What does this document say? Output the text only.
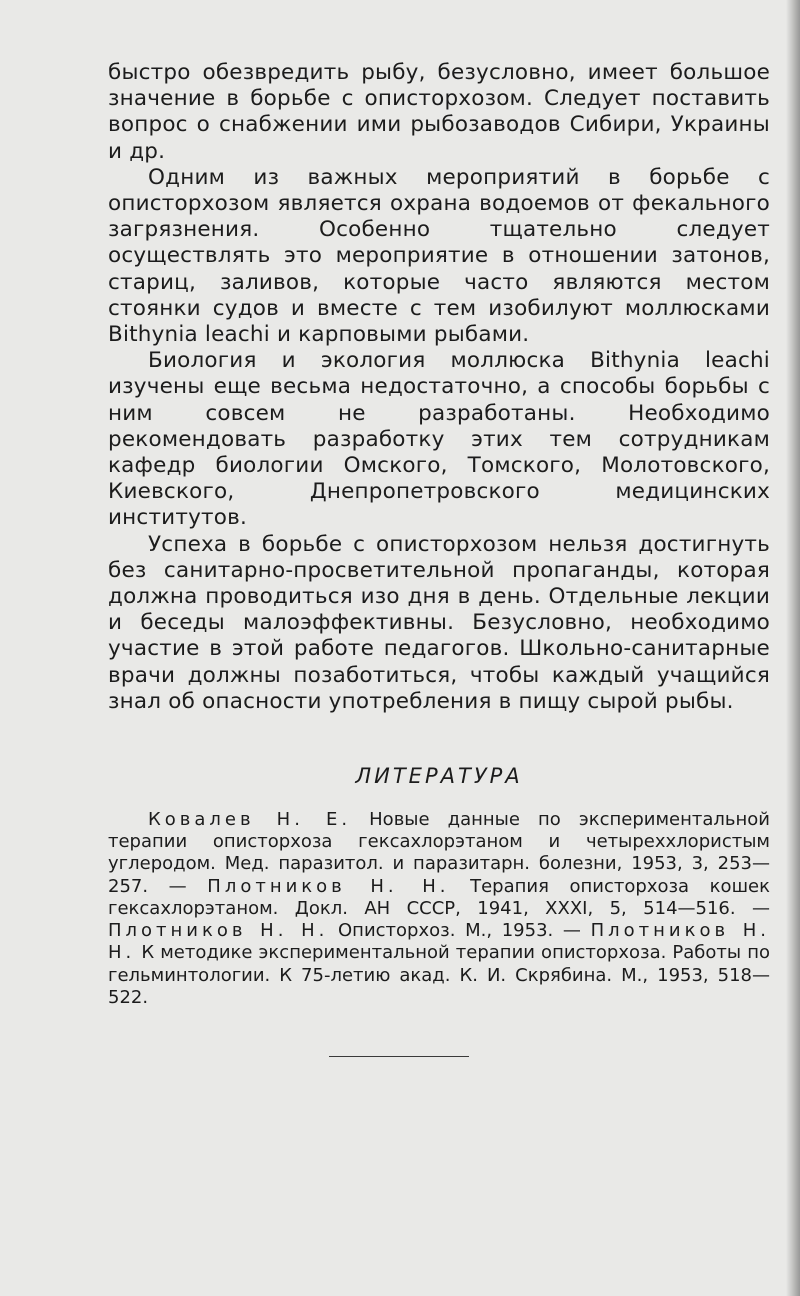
быстро обезвредить рыбу, безусловно, имеет большое значение в борьбе с описторхозом. Следует поставить вопрос о снабжении ими рыбозаводов Сибири, Украины и др.

Одним из важных мероприятий в борьбе с описторхозом является охрана водоемов от фекального загрязнения. Особенно тщательно следует осуществлять это мероприятие в отношении затонов, стариц, заливов, которые часто являются местом стоянки судов и вместе с тем изобилуют моллюсками Bithynia leachi и карповыми рыбами.

Биология и экология моллюска Bithynia leachi изучены еще весьма недостаточно, а способы борьбы с ним совсем не разработаны. Необходимо рекомендовать разработку этих тем сотрудникам кафедр биологии Омского, Томского, Молотовского, Киевского, Днепропетровского медицинских институтов.

Успеха в борьбе с описторхозом нельзя достигнуть без санитарно-просветительной пропаганды, которая должна проводиться изо дня в день. Отдельные лекции и беседы малоэффективны. Безусловно, необходимо участие в этой работе педагогов. Школьно-санитарные врачи должны позаботиться, чтобы каждый учащийся знал об опасности употребления в пищу сырой рыбы.

ЛИТЕРАТУРА
Ковалев Н. Е. Новые данные по экспериментальной терапии описторхоза гексахлорэтаном и четыреххлористым углеродом. Мед. паразитол. и паразитарн. болезни, 1953, 3, 253—257. — Плотников Н. Н. Терапия описторхоза кошек гексахлорэтаном. Докл. АН СССР, 1941, XXXI, 5, 514—516. — Плотников Н. Н. Описторхоз. М., 1953. — Плотников Н. Н. К методике экспериментальной терапии описторхоза. Работы по гельминтологии. К 75-летию акад. К. И. Скрябина. М., 1953, 518—522.
